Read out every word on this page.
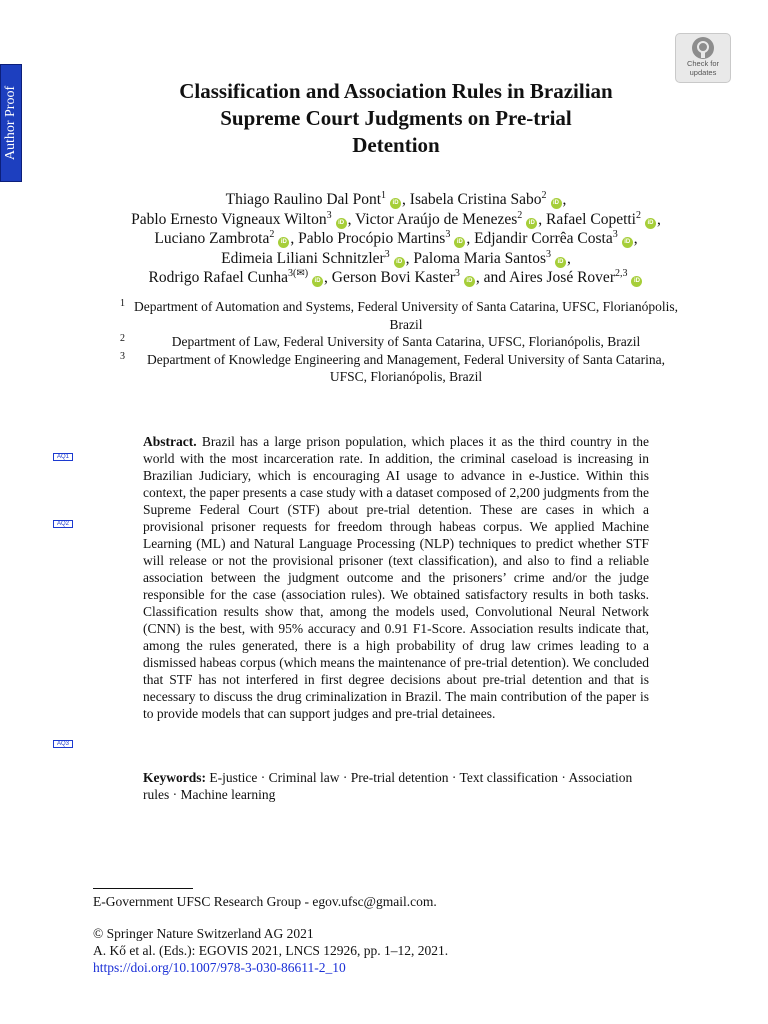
Author Proof
Check for
updates
Classification and Association Rules in Brazilian
Supreme Court Judgments on Pre-trial
Detention
Thiago Raulino Dal Pont$^1$iD , Isabela Cristina Sabo$^2$iD ,
Pablo Ernesto Vigneaux Wilton$^3$iD , Victor Araújo de Menezes$^2$iD , Rafael Copetti$^2$iD ,
Luciano Zambrota$^2$iD , Pablo Procópio Martins$^3$iD , Edjandir Corrêa Costa$^3$iD ,
Edimeia Liliani Schnitzler$^3$iD , Paloma Maria Santos$^3$iD ,
Rodrigo Rafael Cunha$^{3(✉)}$iD , Gerson Bovi Kaster$^3$iD , and Aires José Rover$^{2,3}$iD
1 Department of Automation and Systems, Federal University of Santa Catarina, UFSC, Florianópolis, Brazil
2	Department of Law, Federal University of Santa Catarina, UFSC, Florianópolis, Brazil
3 Department of Knowledge Engineering and Management, Federal University of Santa Catarina, UFSC, Florianópolis, Brazil
AQ1
AQ2
AQ3
Abstract. Brazil has a large prison population, which places it as the third country in the world with the most incarceration rate. In addition, the criminal caseload is increasing in Brazilian Judiciary, which is encouraging AI usage to advance in e-Justice. Within this context, the paper presents a case study with a dataset composed of 2,200 judgments from the Supreme Federal Court (STF) about pre-trial detention. These are cases in which a provisional prisoner requests for freedom through habeas corpus. We applied Machine Learning (ML) and Natural Language Processing (NLP) techniques to predict whether STF will release or not the provisional prisoner (text classification), and also to find a reliable association between the judgment outcome and the prisoners’ crime and/or the judge responsible for the case (association rules). We obtained satisfactory results in both tasks. Classification results show that, among the models used, Convolutional Neural Network (CNN) is the best, with 95% accuracy and 0.91 F1-Score. Association results indicate that, among the rules generated, there is a high probability of drug law crimes leading to a dismissed habeas corpus (which means the maintenance of pre-trial detention). We concluded that STF has not interfered in first degree decisions about pre-trial detention and that is necessary to discuss the drug criminalization in Brazil. The main contribution of the paper is to provide models that can support judges and pre-trial detainees.
Keywords: E-justice · Criminal law · Pre-trial detention · Text classification · Association rules · Machine learning
E-Government UFSC Research Group - egov.ufsc@gmail.com.
© Springer Nature Switzerland AG 2021
A. Kő et al. (Eds.): EGOVIS 2021, LNCS 12926, pp. 1–12, 2021.
https://doi.org/10.1007/978-3-030-86611-2_10
